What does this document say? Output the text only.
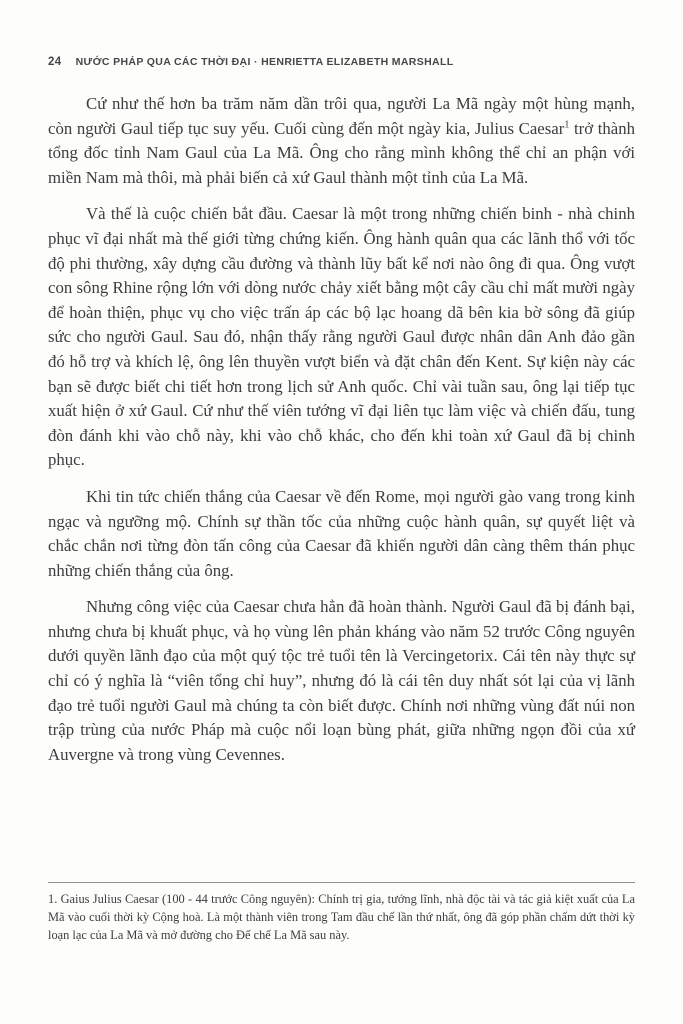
24 NƯỚC PHÁP QUA CÁC THỜI ĐẠI · HENRIETTA ELIZABETH MARSHALL

Cứ như thế hơn ba trăm năm dần trôi qua, người La Mã ngày một hùng mạnh, còn người Gaul tiếp tục suy yếu. Cuối cùng đến một ngày kia, Julius Caesar$^1$ trở thành tổng đốc tỉnh Nam Gaul của La Mã. Ông cho rằng mình không thể chỉ an phận với miền Nam mà thôi, mà phải biến cả xứ Gaul thành một tỉnh của La Mã.

Và thế là cuộc chiến bắt đầu. Caesar là một trong những chiến binh - nhà chinh phục vĩ đại nhất mà thế giới từng chứng kiến. Ông hành quân qua các lãnh thổ với tốc độ phi thường, xây dựng cầu đường và thành lũy bất kể nơi nào ông đi qua. Ông vượt con sông Rhine rộng lớn với dòng nước chảy xiết bằng một cây cầu chỉ mất mười ngày để hoàn thiện, phục vụ cho việc trấn áp các bộ lạc hoang dã bên kia bờ sông đã giúp sức cho người Gaul. Sau đó, nhận thấy rằng người Gaul được nhân dân Anh đảo gần đó hỗ trợ và khích lệ, ông lên thuyền vượt biển và đặt chân đến Kent. Sự kiện này các bạn sẽ được biết chi tiết hơn trong lịch sử Anh quốc. Chỉ vài tuần sau, ông lại tiếp tục xuất hiện ở xứ Gaul. Cứ như thế viên tướng vĩ đại liên tục làm việc và chiến đấu, tung đòn đánh khi vào chỗ này, khi vào chỗ khác, cho đến khi toàn xứ Gaul đã bị chinh phục.

Khi tin tức chiến thắng của Caesar về đến Rome, mọi người gào vang trong kinh ngạc và ngưỡng mộ. Chính sự thần tốc của những cuộc hành quân, sự quyết liệt và chắc chắn nơi từng đòn tấn công của Caesar đã khiến người dân càng thêm thán phục những chiến thắng của ông.

Nhưng công việc của Caesar chưa hẳn đã hoàn thành. Người Gaul đã bị đánh bại, nhưng chưa bị khuất phục, và họ vùng lên phản kháng vào năm 52 trước Công nguyên dưới quyền lãnh đạo của một quý tộc trẻ tuổi tên là Vercingetorix. Cái tên này thực sự chỉ có ý nghĩa là “viên tổng chỉ huy”, nhưng đó là cái tên duy nhất sót lại của vị lãnh đạo trẻ tuổi người Gaul mà chúng ta còn biết được. Chính nơi những vùng đất núi non trập trùng của nước Pháp mà cuộc nổi loạn bùng phát, giữa những ngọn đồi của xứ Auvergne và trong vùng Cevennes.

1. Gaius Julius Caesar (100 - 44 trước Công nguyên): Chính trị gia, tướng lĩnh, nhà độc tài và tác giả kiệt xuất của La Mã vào cuối thời kỳ Cộng hoà. Là một thành viên trong Tam đầu chế lần thứ nhất, ông đã góp phần chấm dứt thời kỳ loạn lạc của La Mã và mở đường cho Đế chế La Mã sau này.
